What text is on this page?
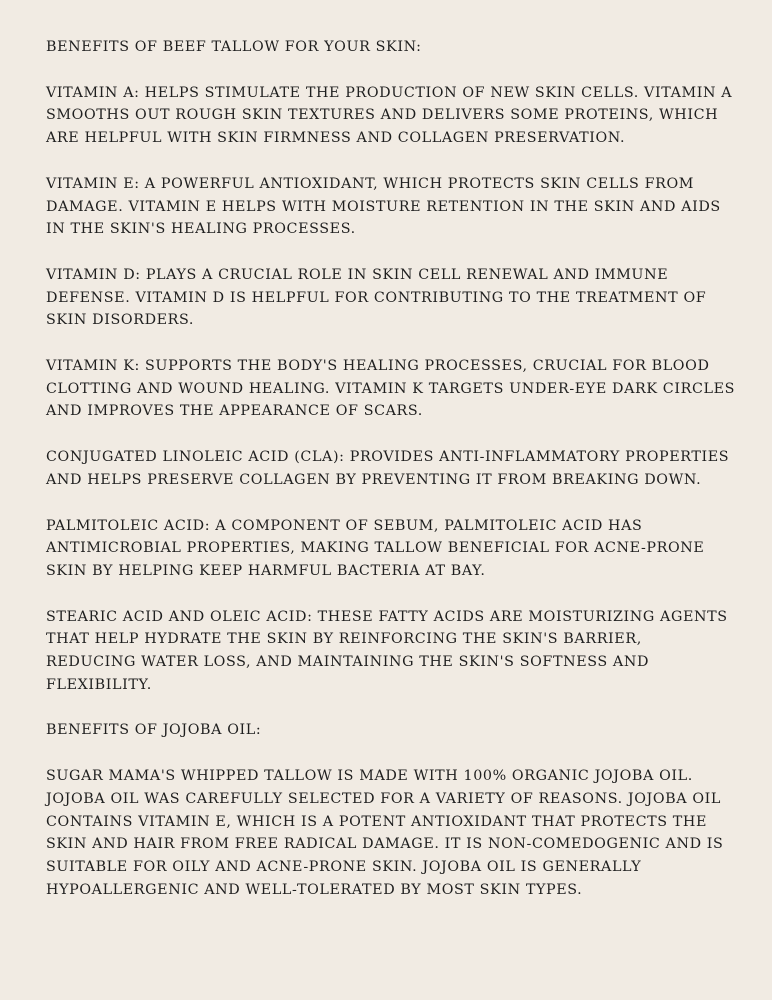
BENEFITS OF BEEF TALLOW FOR YOUR SKIN:
VITAMIN A: HELPS STIMULATE THE PRODUCTION OF NEW SKIN CELLS. VITAMIN A SMOOTHS OUT ROUGH SKIN TEXTURES AND DELIVERS SOME PROTEINS, WHICH ARE HELPFUL WITH SKIN FIRMNESS AND COLLAGEN PRESERVATION.
VITAMIN E: A POWERFUL ANTIOXIDANT, WHICH PROTECTS SKIN CELLS FROM DAMAGE. VITAMIN E HELPS WITH MOISTURE RETENTION IN THE SKIN AND AIDS IN THE SKIN'S HEALING PROCESSES.
VITAMIN D: PLAYS A CRUCIAL ROLE IN SKIN CELL RENEWAL AND IMMUNE DEFENSE. VITAMIN D IS HELPFUL FOR CONTRIBUTING TO THE TREATMENT OF SKIN DISORDERS.
VITAMIN K: SUPPORTS THE BODY'S HEALING PROCESSES, CRUCIAL FOR BLOOD CLOTTING AND WOUND HEALING. VITAMIN K TARGETS UNDER-EYE DARK CIRCLES AND IMPROVES THE APPEARANCE OF SCARS.
CONJUGATED LINOLEIC ACID (CLA): PROVIDES ANTI-INFLAMMATORY PROPERTIES AND HELPS PRESERVE COLLAGEN BY PREVENTING IT FROM BREAKING DOWN.
PALMITOLEIC ACID: A COMPONENT OF SEBUM, PALMITOLEIC ACID HAS ANTIMICROBIAL PROPERTIES, MAKING TALLOW BENEFICIAL FOR ACNE-PRONE SKIN BY HELPING KEEP HARMFUL BACTERIA AT BAY.
STEARIC ACID AND OLEIC ACID: THESE FATTY ACIDS ARE MOISTURIZING AGENTS THAT HELP HYDRATE THE SKIN BY REINFORCING THE SKIN'S BARRIER, REDUCING WATER LOSS, AND MAINTAINING THE SKIN'S SOFTNESS AND FLEXIBILITY.
BENEFITS OF JOJOBA OIL:
SUGAR MAMA'S WHIPPED TALLOW IS MADE WITH 100% ORGANIC JOJOBA OIL. JOJOBA OIL WAS CAREFULLY SELECTED FOR A VARIETY OF REASONS. JOJOBA OIL CONTAINS VITAMIN E, WHICH IS A POTENT ANTIOXIDANT THAT PROTECTS THE SKIN AND HAIR FROM FREE RADICAL DAMAGE. IT IS NON-COMEDOGENIC AND IS SUITABLE FOR OILY AND ACNE-PRONE SKIN. JOJOBA OIL IS GENERALLY HYPOALLERGENIC AND WELL-TOLERATED BY MOST SKIN TYPES.
